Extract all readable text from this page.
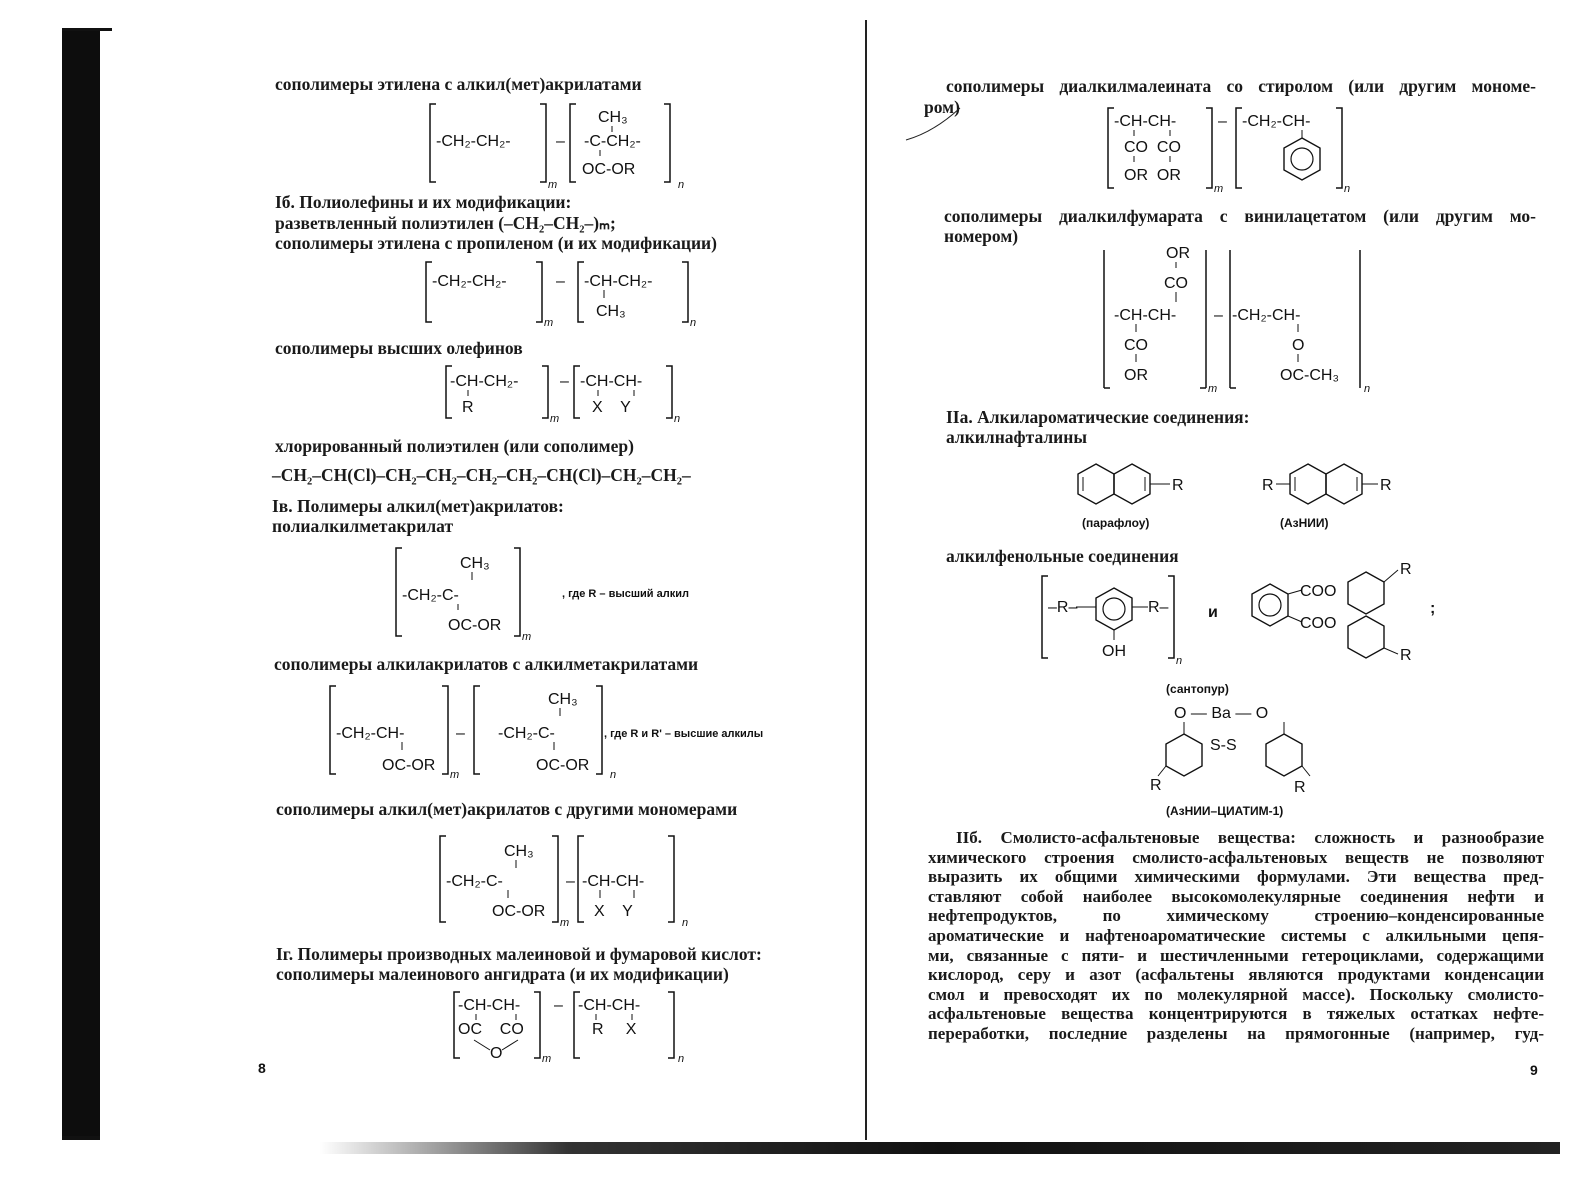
сополимеры этилена с алкил(мет)акрилатами
-CH₂-CH₂-
m
–
CH₃
-C-CH₂-
OC-OR
n
Iб. Полиолефины и их модификации:
разветвленный полиэтилен (–CH₂–CH₂–)ₘ;
сополимеры этилена с пропиленом (и их модификации)
-CH₂-CH₂-
m
– -CH-CH₂-
CH₃
n
сополимеры высших олефинов
-CH-CH₂-
R
m
– -CH-CH-
X    Y
n
хлорированный полиэтилен (или сополимер)
–CH₂–CH(Cl)–CH₂–CH₂–CH₂–CH₂–CH(Cl)–CH₂–CH₂–
Iв. Полимеры алкил(мет)акрилатов:
полиалкилметакрилат
CH₃
-CH₂-C-
OC-OR
m
, где R – высший алкил
сополимеры алкилакрилатов с алкилметакрилатами
-CH₂-CH-
OC-OR
m
–
CH₃
-CH₂-C-
OC-OR
n
, где R и R' – высшие алкилы
сополимеры алкил(мет)акрилатов с другими мономерами
CH₃
-CH₂-C-
OC-OR
m
– -CH-CH-
X    Y
n
Iг. Полимеры производных малеиновой и фумаровой кислот:
сополимеры малеинового ангидрата (и их модификации)
-CH-CH-
OC    CO
O	m
– -CH-CH-
R     X
n
8
сополимеры диалкилмалеината со стиролом (или другим мономе-
ром)
-CH-CH-
CO  CO
OR  OR
m
– -CH₂-CH-
n
сополимеры диалкилфумарата с винилацетатом (или другим мо-
номером)
OR
CO
-CH-CH-
CO
OR
m
– -CH₂-CH-
O
OC-CH₃
n
IIa. Алкилароматические соединения:
алкилнафталины
R
(парафлоу)
R	R
(АзНИИ)
алкилфенольные соединения
–R–	R–
OH
n
и
COO
COO
R
R
;
(сантопур)
O — Ba — O
S-S
R	R
(АзНИИ–ЦИАТИМ-1)
IIб. Смолисто-асфальтеновые вещества: сложность и разнообразие
химического строения смолисто-асфальтеновых веществ не позволяют
выразить их общими химическими формулами. Эти вещества пред-
ставляют собой наиболее высокомолекулярные соединения нефти и
нефтепродуктов, по химическому строению–конденсированные
ароматические и нафтеноароматические системы с алкильными цепя-
ми, связанные с пяти- и шестичленными гетероциклами, содержащими
кислород, серу и азот (асфальтены являются продуктами конденсации
смол и превосходят их по молекулярной массе). Поскольку смолисто-
асфальтеновые вещества концентрируются в тяжелых остатках нефте-
переработки, последние разделены на прямогонные (например, гуд-
9
